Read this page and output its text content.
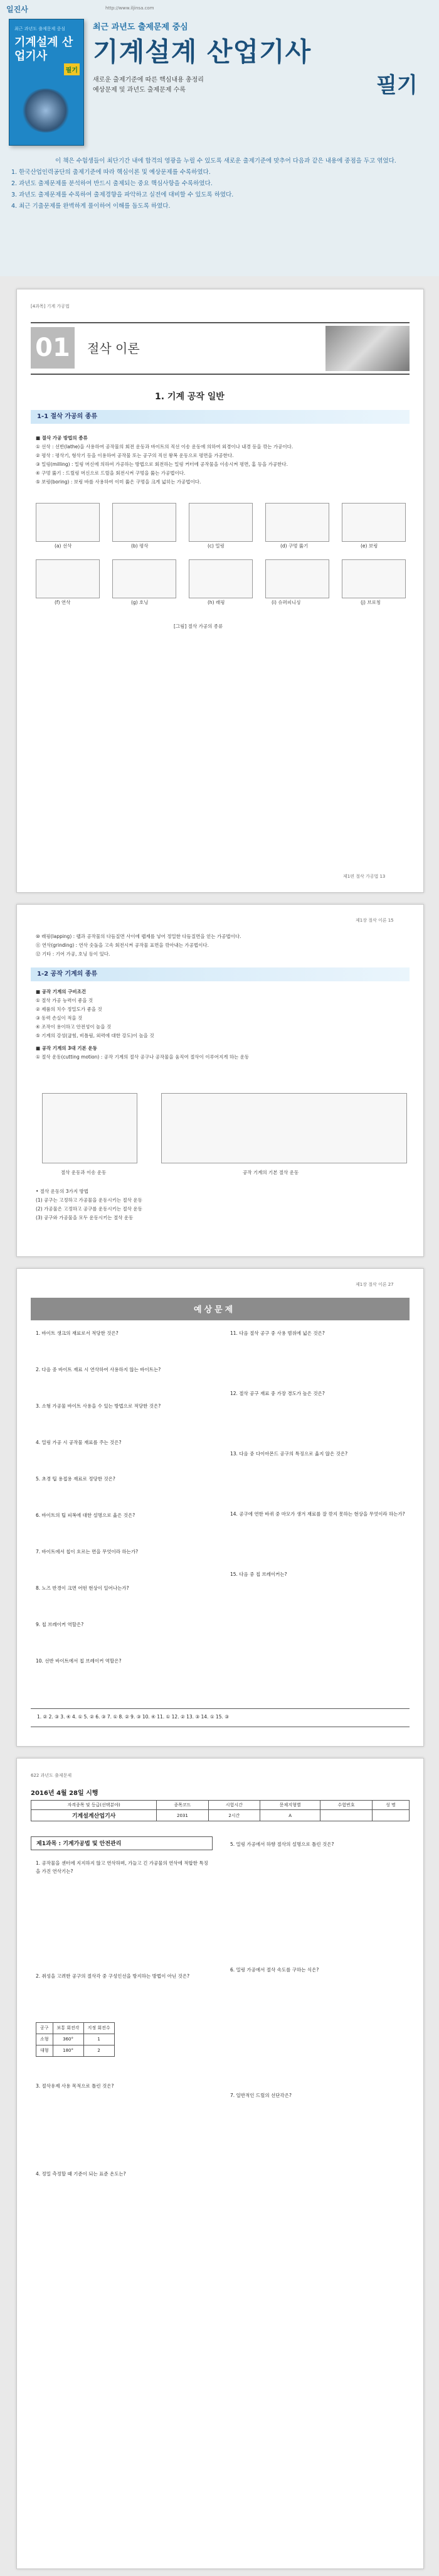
일진사	http://www.iljinsa.com
최근 과년도 출제문제 중심
기계설계 산업기사
필기
최근 과년도 출제문제 중심
기계설계 산업기사
필기
새로운 출제기준에 따른 핵심내용 총정리
예상문제 및 과년도 출제문제 수록
이 책은 수험생들이 최단기간 내에 합격의 영광을 누릴 수 있도록 새로운 출제기준에 맞추어 다음과 같은 내용에 중점을 두고 엮었다.
1. 한국산업인력공단의 출제기준에 따라 핵심이론 및 예상문제를 수록하였다.
2. 과년도 출제문제를 분석하여 반드시 출제되는 중요 핵심사항을 수록하였다.
3. 과년도 출제문제를 수록하여 출제경향을 파악하고 실전에 대비할 수 있도록 하였다.
4. 최근 기출문제를 완벽하게 풀이하여 이해를 돕도록 하였다.
[4과목] 기계 가공법
01	절삭 이론
1. 기계 공작 일반
1-1 절삭 가공의 종류
■ 절삭 가공 방법의 종류
① 선삭 : 선반(lathe)을 사용하여 공작물의 회전 운동과 바이트의 직선 이송 운동에 의하여 외경이나 내경 등을 깎는 가공이다.
② 평삭 : 평삭기, 형삭기 등을 이용하여 공작물 또는 공구의 직선 왕복 운동으로 평면을 가공한다.
③ 밀링(milling) : 밀링 머신에 의하여 가공하는 방법으로 회전하는 밀링 커터에 공작물을 이송시켜 평면, 홈 등을 가공한다.
④ 구멍 뚫기 : 드릴링 머신으로 드릴을 회전시켜 구멍을 뚫는 가공법이다.
⑤ 보링(boring) : 보링 바를 사용하여 이미 뚫은 구멍을 크게 넓히는 가공법이다.
(a) 선삭	(b) 평삭	(c) 밀링	(d) 구멍 뚫기	(e) 보링
(f) 연삭	(g) 호닝	(h) 래핑	(i) 슈퍼피니싱	(j) 브로칭
[그림] 절삭 가공의 종류
제1편 절삭 가공법 13
제1장 절삭 이론 15
⑩ 래핑(lapping) : 랩과 공작물의 다듬질면 사이에 랩제를 넣어 정밀한 다듬질면을 얻는 가공법이다.
⑪ 연삭(grinding) : 연삭 숫돌을 고속 회전시켜 공작물 표면을 깎아내는 가공법이다.
⑫ 기타 : 기어 가공, 호닝 등이 있다.
1-2 공작 기계의 종류
■ 공작 기계의 구비조건
① 절삭 가공 능력이 좋을 것
② 제품의 치수 정밀도가 좋을 것
③ 동력 손실이 적을 것
④ 조작이 용이하고 안전성이 높을 것
⑤ 기계의 강성(굽힘, 비틀림, 외력에 대한 강도)이 높을 것
■ 공작 기계의 3대 기본 운동
① 절삭 운동(cutting motion) : 공작 기계의 절삭 공구나 공작물을 움직여 절삭이 이루어지게 하는 운동
절삭 운동과 이송 운동	공작 기계의 기본 절삭 운동
• 절삭 운동의 3가지 방법
(1) 공구는 고정하고 가공물을 운동시키는 절삭 운동
(2) 가공물은 고정하고 공구를 운동시키는 절삭 운동
(3) 공구와 가공물을 모두 운동시키는 절삭 운동
제1장 절삭 이론 27
예상문제
1. 바이트 생크의 재료로서 적당한 것은?
2. 다음 중 바이트 재료 시 연삭하여 사용하지 않는 바이트는?
3. 소형 가공물 바이트 사용을 수 있는 방법으로 적당한 것은?
4. 밀링 가공 시 공작물 재료를 주는 것은?
5. 초경 팁 용접용 재료로 정당한 것은?
6. 바이트의 팁 피복에 대한 설명으로 옳은 것은?
7. 바이트에서 칩이 흐르는 면을 무엇이라 하는가?
8. 노즈 반경이 크면 어떤 현상이 일어나는가?
9. 칩 브레이커 역할은?
10. 선반 바이트에서 칩 브레이커 역할은?
11. 다음 절삭 공구 중 사용 범위에 넓은 것은?
12. 절삭 공구 재료 중 가장 경도가 높은 것은?
13. 다음 중 다이아몬드 공구의 특징으로 옳지 않은 것은?
14. 공구에 연한 바퀴 중 마모가 생겨 재료를 잘 깎지 못하는 현상을 무엇이라 하는가?
15. 다음 중 칩 브레이커는?
1. ② 2. ③ 3. ④ 4. ① 5. ② 6. ③ 7. ① 8. ② 9. ③ 10. ④ 11. ① 12. ② 13. ③ 14. ① 15. ③
622 과년도 출제문제
2016년 4월 28일 시행
자격종목 및 등급(선택분야)	종목코드	시험시간	문제지형별	수험번호	성 명
기계설계산업기사	2031	2시간	A		
제1과목 : 기계가공법 및 안전관리
1. 공작물을 센터에 지지하지 않고 연삭하며, 가늘고 긴 가공물의 연삭에 적합한 특징을 가진 연삭기는?
2. 취성을 고려한 공구의 절삭각 중 구성인선을 방지하는 방법이 아닌 것은?
공구	보통 회전각	지정 회전수
소형	360°	1
대형	180°	2
3. 절삭유제 사용 목적으로 틀린 것은?
4. 정밀 측정할 때 기준이 되는 표준 온도는?
5. 밀링 가공에서 하향 절삭의 설명으로 틀린 것은?
6. 밀링 가공에서 절삭 속도를 구하는 식은?
7. 일반적인 드릴의 선단각은?
